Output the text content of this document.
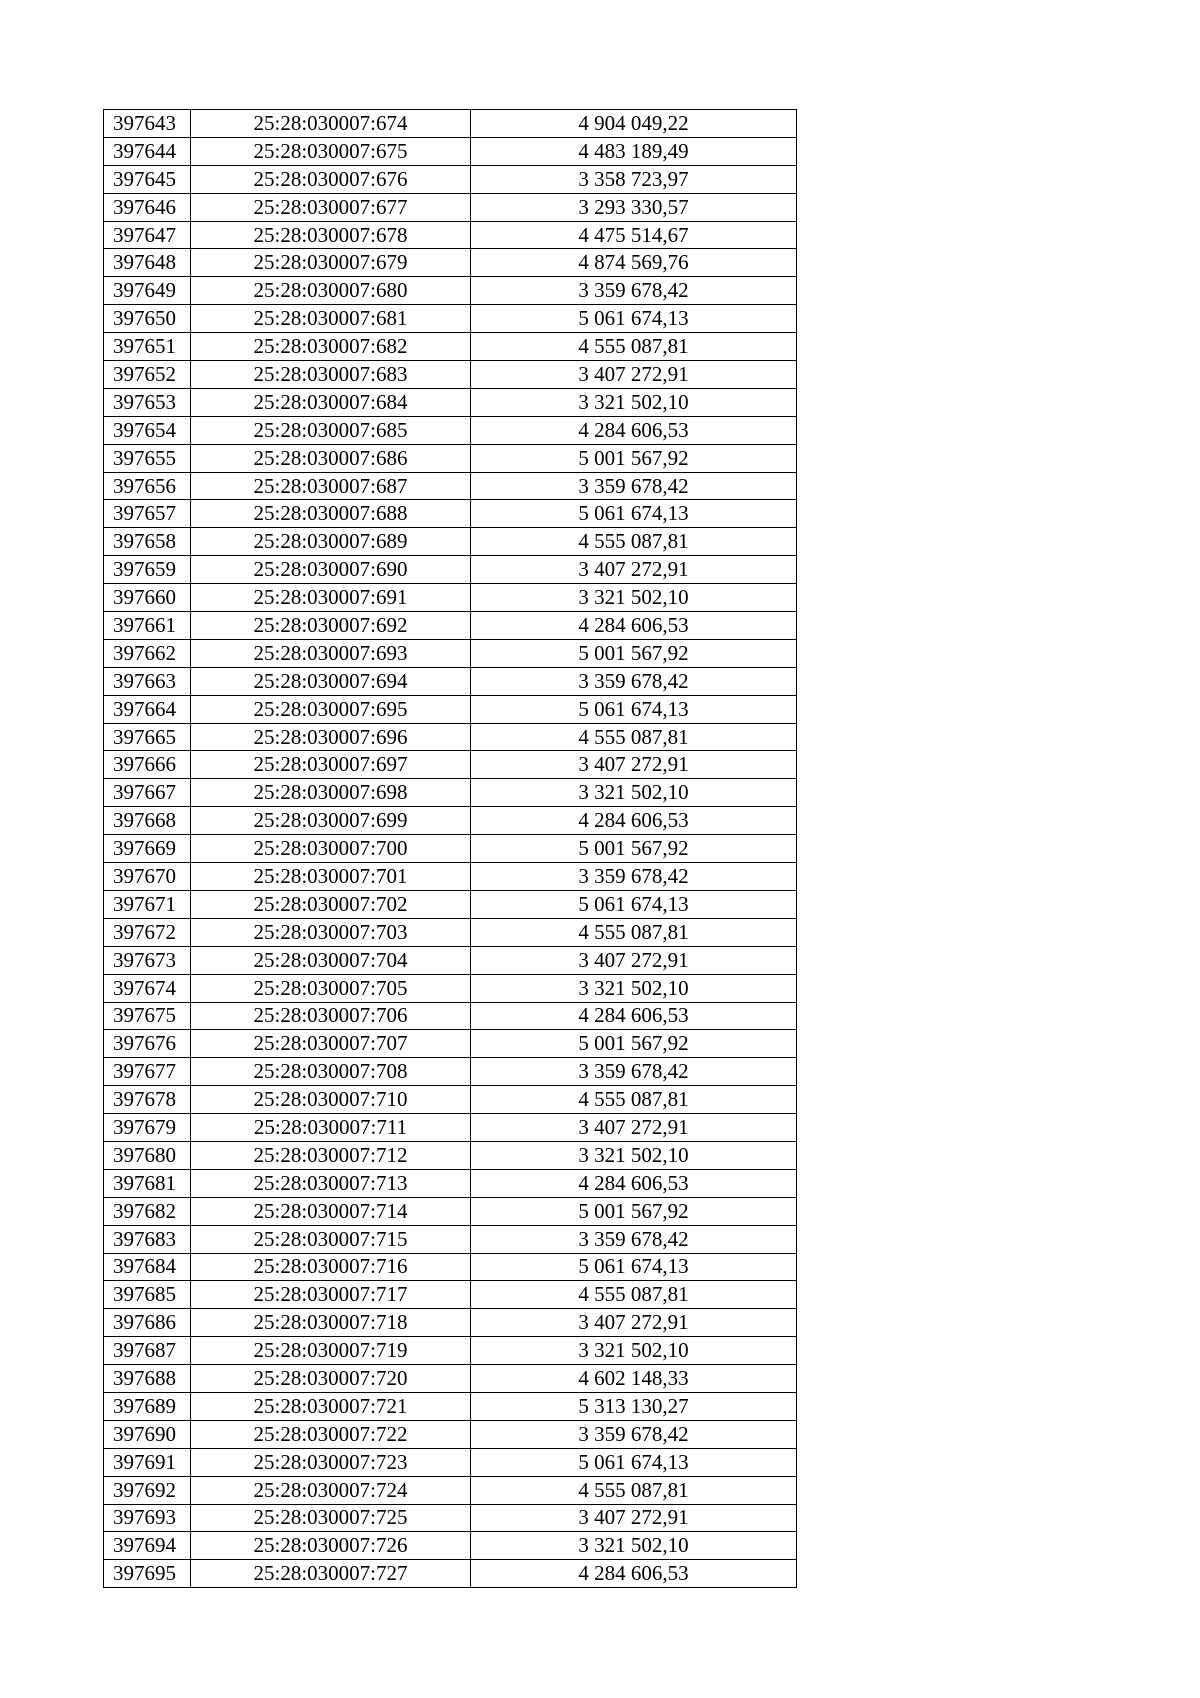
397643	25:28:030007:674	4 904 049,22
397644	25:28:030007:675	4 483 189,49
397645	25:28:030007:676	3 358 723,97
397646	25:28:030007:677	3 293 330,57
397647	25:28:030007:678	4 475 514,67
397648	25:28:030007:679	4 874 569,76
397649	25:28:030007:680	3 359 678,42
397650	25:28:030007:681	5 061 674,13
397651	25:28:030007:682	4 555 087,81
397652	25:28:030007:683	3 407 272,91
397653	25:28:030007:684	3 321 502,10
397654	25:28:030007:685	4 284 606,53
397655	25:28:030007:686	5 001 567,92
397656	25:28:030007:687	3 359 678,42
397657	25:28:030007:688	5 061 674,13
397658	25:28:030007:689	4 555 087,81
397659	25:28:030007:690	3 407 272,91
397660	25:28:030007:691	3 321 502,10
397661	25:28:030007:692	4 284 606,53
397662	25:28:030007:693	5 001 567,92
397663	25:28:030007:694	3 359 678,42
397664	25:28:030007:695	5 061 674,13
397665	25:28:030007:696	4 555 087,81
397666	25:28:030007:697	3 407 272,91
397667	25:28:030007:698	3 321 502,10
397668	25:28:030007:699	4 284 606,53
397669	25:28:030007:700	5 001 567,92
397670	25:28:030007:701	3 359 678,42
397671	25:28:030007:702	5 061 674,13
397672	25:28:030007:703	4 555 087,81
397673	25:28:030007:704	3 407 272,91
397674	25:28:030007:705	3 321 502,10
397675	25:28:030007:706	4 284 606,53
397676	25:28:030007:707	5 001 567,92
397677	25:28:030007:708	3 359 678,42
397678	25:28:030007:710	4 555 087,81
397679	25:28:030007:711	3 407 272,91
397680	25:28:030007:712	3 321 502,10
397681	25:28:030007:713	4 284 606,53
397682	25:28:030007:714	5 001 567,92
397683	25:28:030007:715	3 359 678,42
397684	25:28:030007:716	5 061 674,13
397685	25:28:030007:717	4 555 087,81
397686	25:28:030007:718	3 407 272,91
397687	25:28:030007:719	3 321 502,10
397688	25:28:030007:720	4 602 148,33
397689	25:28:030007:721	5 313 130,27
397690	25:28:030007:722	3 359 678,42
397691	25:28:030007:723	5 061 674,13
397692	25:28:030007:724	4 555 087,81
397693	25:28:030007:725	3 407 272,91
397694	25:28:030007:726	3 321 502,10
397695	25:28:030007:727	4 284 606,53
